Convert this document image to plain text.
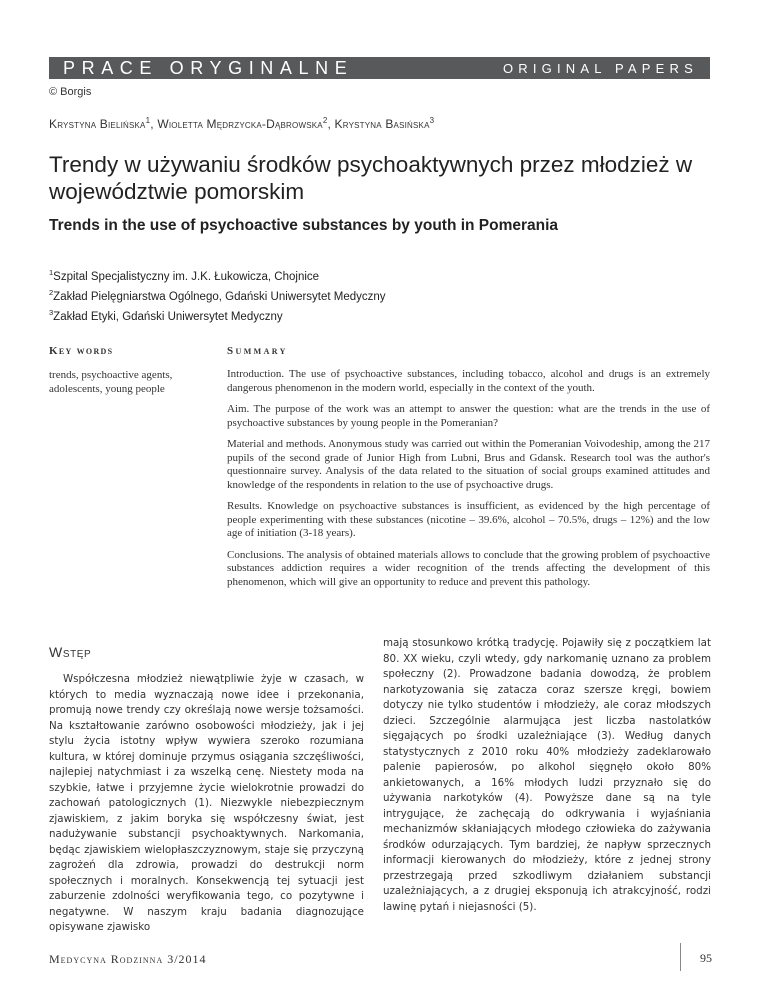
PRACE ORYGINALNE	ORIGINAL PAPERS
© Borgis
Krystyna Bielińska$^1$, Wioletta Mędrzycka-Dąbrowska$^2$, Krystyna Basińska$^3$
Trendy w używaniu środków psychoaktywnych przez młodzież w województwie pomorskim
Trends in the use of psychoactive substances by youth in Pomerania
$^1$Szpital Specjalistyczny im. J.K. Łukowicza, Chojnice
$^2$Zakład Pielęgniarstwa Ogólnego, Gdański Uniwersytet Medyczny
$^3$Zakład Etyki, Gdański Uniwersytet Medyczny
Key words
trends, psychoactive agents, adolescents, young people
Summary

Introduction. The use of psychoactive substances, including tobacco, alcohol and drugs is an extremely dangerous phenomenon in the modern world, especially in the context of the youth.

Aim. The purpose of the work was an attempt to answer the question: what are the trends in the use of psychoactive substances by young people in the Pomeranian?

Material and methods. Anonymous study was carried out within the Pomeranian Voivodeship, among the 217 pupils of the second grade of Junior High from Lubni, Brus and Gdansk. Research tool was the author's questionnaire survey. Analysis of the data related to the situation of social groups examined attitudes and knowledge of the respondents in relation to the use of psychoactive drugs.

Results. Knowledge on psychoactive substances is insufficient, as evidenced by the high percentage of people experimenting with these substances (nicotine – 39.6%, alcohol – 70.5%, drugs – 12%) and the low age of initiation (3-18 years).

Conclusions. The analysis of obtained materials allows to conclude that the growing problem of psychoactive substances addiction requires a wider recognition of the trends affecting the development of this phenomenon, which will give an opportunity to reduce and prevent this pathology.

Wstęp

Współczesna młodzież niewątpliwie żyje w czasach, w których to media wyznaczają nowe idee i przekonania, promują nowe trendy czy określają nowe wersje tożsamości. Na kształtowanie zarówno osobowości młodzieży, jak i jej stylu życia istotny wpływ wywiera szeroko rozumiana kultura, w której dominuje przymus osiągania szczęśliwości, najlepiej natychmiast i za wszelką cenę. Niestety moda na szybkie, łatwe i przyjemne życie wielokrotnie prowadzi do zachowań patologicznych (1). Niezwykle niebezpiecznym zjawiskiem, z jakim boryka się współczesny świat, jest nadużywanie substancji psychoaktywnych. Narkomania, będąc zjawiskiem wielopłaszczyznowym, staje się przyczyną zagrożeń dla zdrowia, prowadzi do destrukcji norm społecznych i moralnych. Konsekwencją tej sytuacji jest zaburzenie zdolności weryfikowania tego, co pozytywne i negatywne. W naszym kraju badania diagnozujące opisywane zjawisko

mają stosunkowo krótką tradycję. Pojawiły się z początkiem lat 80. XX wieku, czyli wtedy, gdy narkomanię uznano za problem społeczny (2). Prowadzone badania dowodzą, że problem narkotyzowania się zatacza coraz szersze kręgi, bowiem dotyczy nie tylko studentów i młodzieży, ale coraz młodszych dzieci. Szczególnie alarmująca jest liczba nastolatków sięgających po środki uzależniające (3). Według danych statystycznych z 2010 roku 40% młodzieży zadeklarowało palenie papierosów, po alkohol sięgnęło około 80% ankietowanych, a 16% młodych ludzi przyznało się do używania narkotyków (4). Powyższe dane są na tyle intrygujące, że zachęcają do odkrywania i wyjaśniania mechanizmów skłaniających młodego człowieka do zażywania środków odurzających. Tym bardziej, że napływ sprzecznych informacji kierowanych do młodzieży, które z jednej strony przestrzegają przed szkodliwym działaniem substancji uzależniających, a z drugiej eksponują ich atrakcyjność, rodzi lawinę pytań i niejasności (5).

Medycyna Rodzinna 3/2014	95
